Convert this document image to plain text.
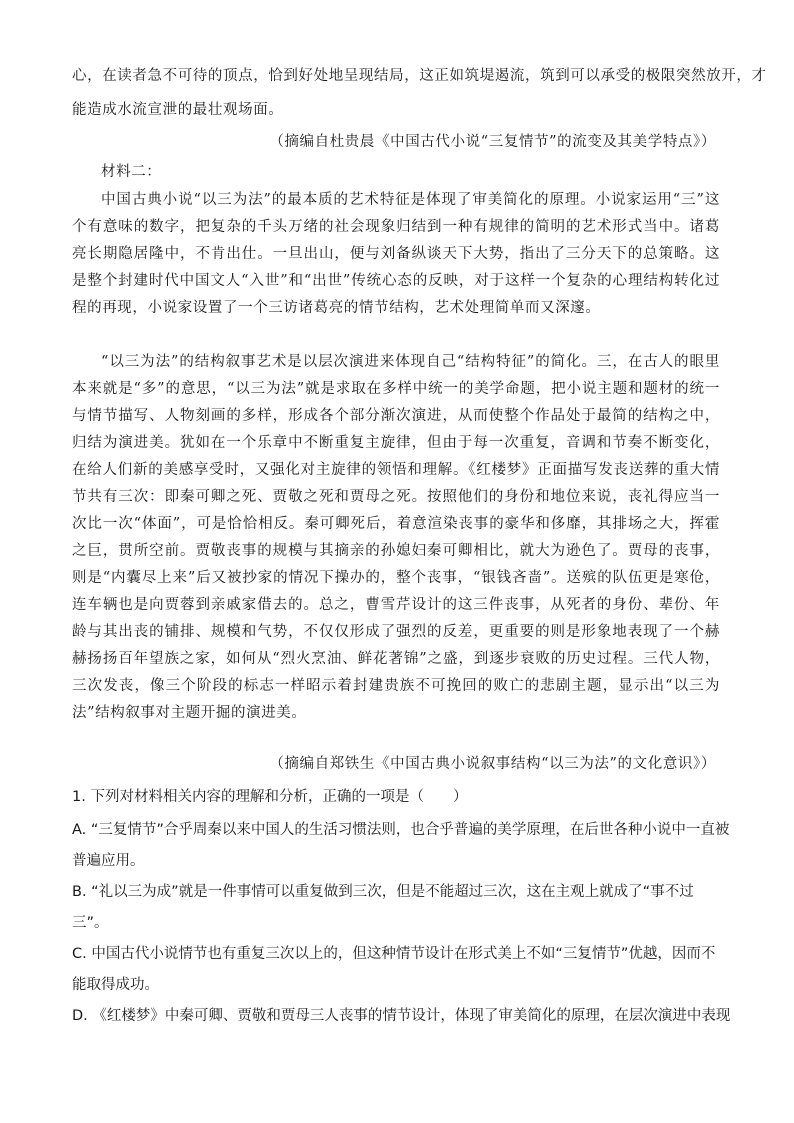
心，在读者急不可待的顶点，恰到好处地呈现结局，这正如筑堤遏流，筑到可以承受的极限突然放开，才
能造成水流宣泄的最壮观场面。
（摘编自杜贵晨《中国古代小说“三复情节”的流变及其美学特点》）
材料二：
中国古典小说“以三为法”的最本质的艺术特征是体现了审美简化的原理。小说家运用“三”这个有意味的数字，把复杂的千头万绪的社会现象归结到一种有规律的简明的艺术形式当中。诸葛亮长期隐居隆中，不肯出仕。一旦出山，便与刘备纵谈天下大势，指出了三分天下的总策略。这是整个封建时代中国文人“入世”和“出世”传统心态的反映，对于这样一个复杂的心理结构转化过程的再现，小说家设置了一个三访诸葛亮的情节结构，艺术处理简单而又深邃。
“以三为法”的结构叙事艺术是以层次演进来体现自己“结构特征”的简化。三，在古人的眼里本来就是“多”的意思，“以三为法”就是求取在多样中统一的美学命题，把小说主题和题材的统一与情节描写、人物刻画的多样，形成各个部分渐次演进，从而使整个作品处于最简的结构之中，归结为演进美。犹如在一个乐章中不断重复主旋律，但由于每一次重复，音调和节奏不断变化，在给人们新的美感享受时，又强化对主旋律的领悟和理解。《红楼梦》正面描写发丧送葬的重大情节共有三次：即秦可卿之死、贾敬之死和贾母之死。按照他们的身份和地位来说，丧礼得应当一次比一次“体面”，可是恰恰相反。秦可卿死后，着意渲染丧事的豪华和侈靡，其排场之大，挥霍之巨，贯所空前。贾敬丧事的规模与其摘亲的孙媳妇秦可卿相比，就大为逊色了。贾母的丧事，则是“内囊尽上来”后又被抄家的情况下操办的，整个丧事，“银钱吝啬”。送殡的队伍更是寒伧，连车辆也是向贾蓉到亲戚家借去的。总之，曹雪芹设计的这三件丧事，从死者的身份、辈份、年龄与其出丧的铺排、规模和气势，不仅仅形成了强烈的反差，更重要的则是形象地表现了一个赫赫扬扬百年望族之家，如何从“烈火烹油、鲜花著锦”之盛，到逐步衰败的历史过程。三代人物，三次发丧，像三个阶段的标志一样昭示着封建贵族不可挽回的败亡的悲剧主题，显示出“以三为法”结构叙事对主题开掘的演进美。
（摘编自郑铁生《中国古典小说叙事结构“以三为法”的文化意识》）
1. 下列对材料相关内容的理解和分析，正确的一项是（　　）
A. “三复情节”合乎周秦以来中国人的生活习惯法则，也合乎普遍的美学原理，在后世各种小说中一直被
普遍应用。
B. “礼以三为成”就是一件事情可以重复做到三次，但是不能超过三次，这在主观上就成了“事不过
三”。
C. 中国古代小说情节也有重复三次以上的，但这种情节设计在形式美上不如“三复情节”优越，因而不
能取得成功。
D. 《红楼梦》中秦可卿、贾敬和贾母三人丧事的情节设计，体现了审美简化的原理，在层次演进中表现
